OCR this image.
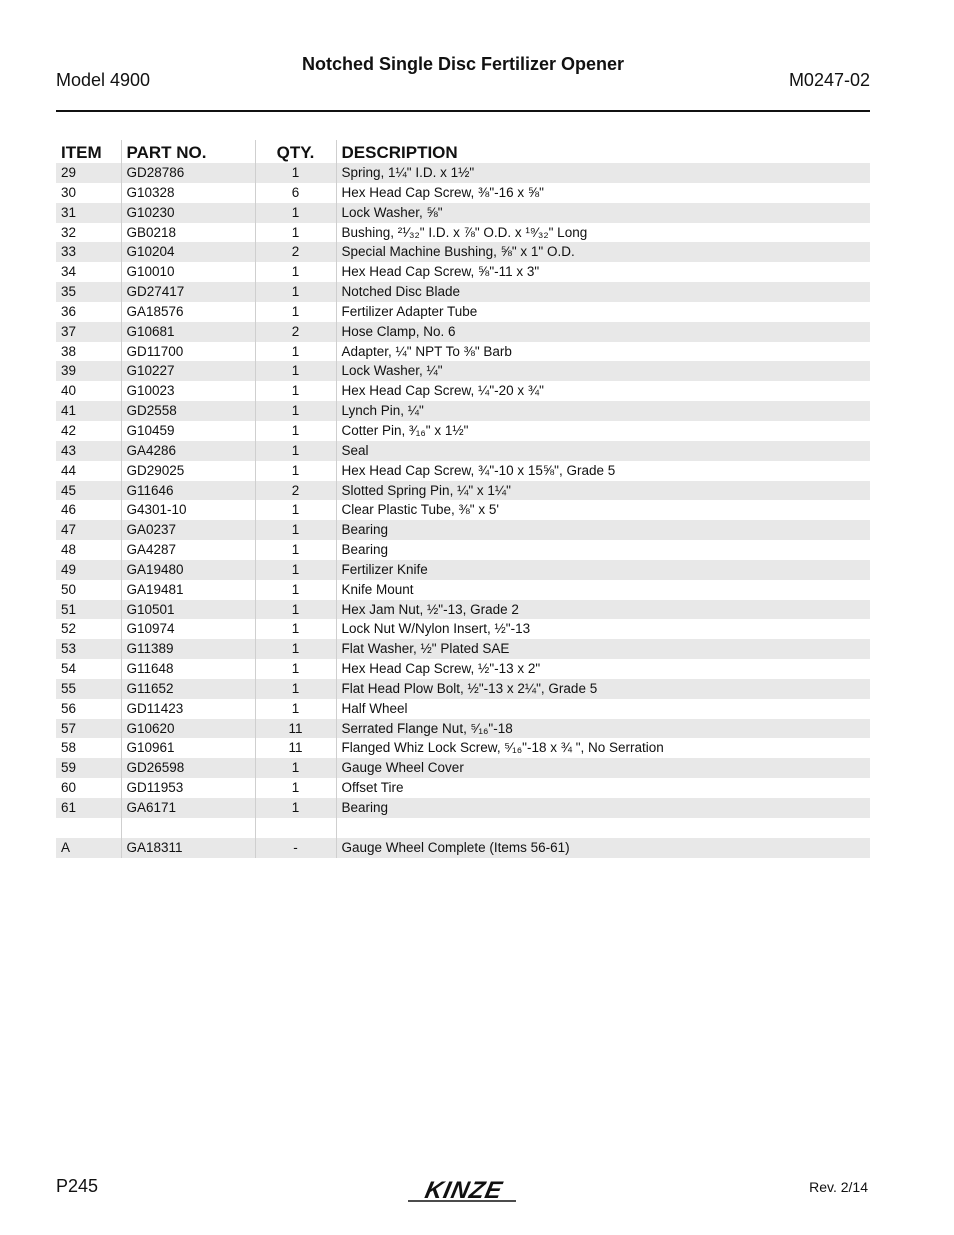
Notched Single Disc Fertilizer Opener
Model 4900	M0247-02
ITEM	PART NO.	QTY.	DESCRIPTION
29	GD28786	1	Spring, 1¼" I.D. x 1½"
30	G10328	6	Hex Head Cap Screw, ⅜"-16 x ⅝"
31	G10230	1	Lock Washer, ⅝"
32	GB0218	1	Bushing, ²¹⁄₃₂" I.D. x ⅞" O.D. x ¹⁹⁄₃₂" Long
33	G10204	2	Special Machine Bushing, ⅝" x 1" O.D.
34	G10010	1	Hex Head Cap Screw, ⅝"-11 x 3"
35	GD27417	1	Notched Disc Blade
36	GA18576	1	Fertilizer Adapter Tube
37	G10681	2	Hose Clamp, No. 6
38	GD11700	1	Adapter, ¼" NPT To ⅜" Barb
39	G10227	1	Lock Washer, ¼"
40	G10023	1	Hex Head Cap Screw, ¼"-20 x ¾"
41	GD2558	1	Lynch Pin, ¼"
42	G10459	1	Cotter Pin, ³⁄₁₆" x 1½"
43	GA4286	1	Seal
44	GD29025	1	Hex Head Cap Screw, ¾"-10 x 15⅝", Grade 5
45	G11646	2	Slotted Spring Pin, ¼" x 1¼"
46	G4301-10	1	Clear Plastic Tube, ⅜" x 5'
47	GA0237	1	Bearing
48	GA4287	1	Bearing
49	GA19480	1	Fertilizer Knife
50	GA19481	1	Knife Mount
51	G10501	1	Hex Jam Nut, ½"-13, Grade 2
52	G10974	1	Lock Nut W/Nylon Insert, ½"-13
53	G11389	1	Flat Washer, ½" Plated SAE
54	G11648	1	Hex Head Cap Screw, ½"-13 x 2"
55	G11652	1	Flat Head Plow Bolt, ½"-13 x 2¼", Grade 5
56	GD11423	1	Half Wheel
57	G10620	11	Serrated Flange Nut, ⁵⁄₁₆"-18
58	G10961	11	Flanged Whiz Lock Screw, ⁵⁄₁₆"-18 x ¾ ", No Serration
59	GD26598	1	Gauge Wheel Cover
60	GD11953	1	Offset Tire
61	GA6171	1	Bearing

A	GA18311	-	Gauge Wheel Complete (Items 56-61)
P245	KINZE	Rev. 2/14
